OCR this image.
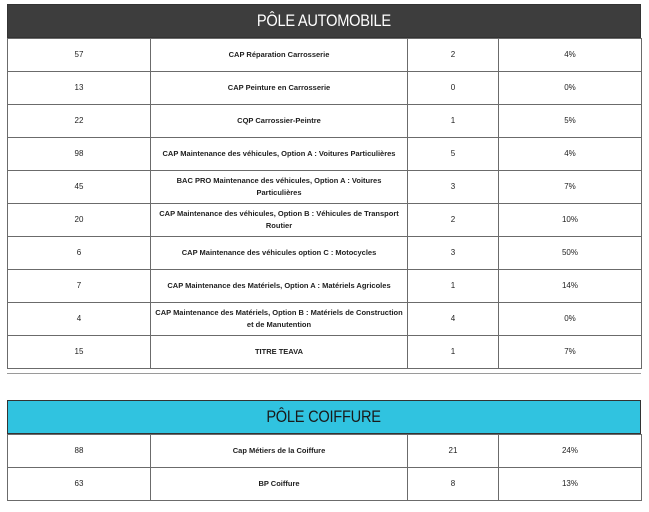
PÔLE AUTOMOBILE
57	CAP Réparation Carrosserie	2	4%
13	CAP Peinture en Carrosserie	0	0%
22	CQP Carrossier-Peintre	1	5%
98	CAP Maintenance des véhicules, Option A : Voitures Particulières	5	4%
45	BAC PRO Maintenance des véhicules, Option A : Voitures Particulières	3	7%
20	CAP Maintenance des véhicules, Option B : Véhicules de Transport Routier	2	10%
6	CAP Maintenance des véhicules option C : Motocycles	3	50%
7	CAP Maintenance des Matériels, Option A : Matériels Agricoles	1	14%
4	CAP Maintenance des Matériels, Option B : Matériels de Construction et de Manutention	4	0%
15	TITRE TEAVA	1	7%
PÔLE COIFFURE
88	Cap Métiers de la Coiffure	21	24%
63	BP Coiffure	8	13%
